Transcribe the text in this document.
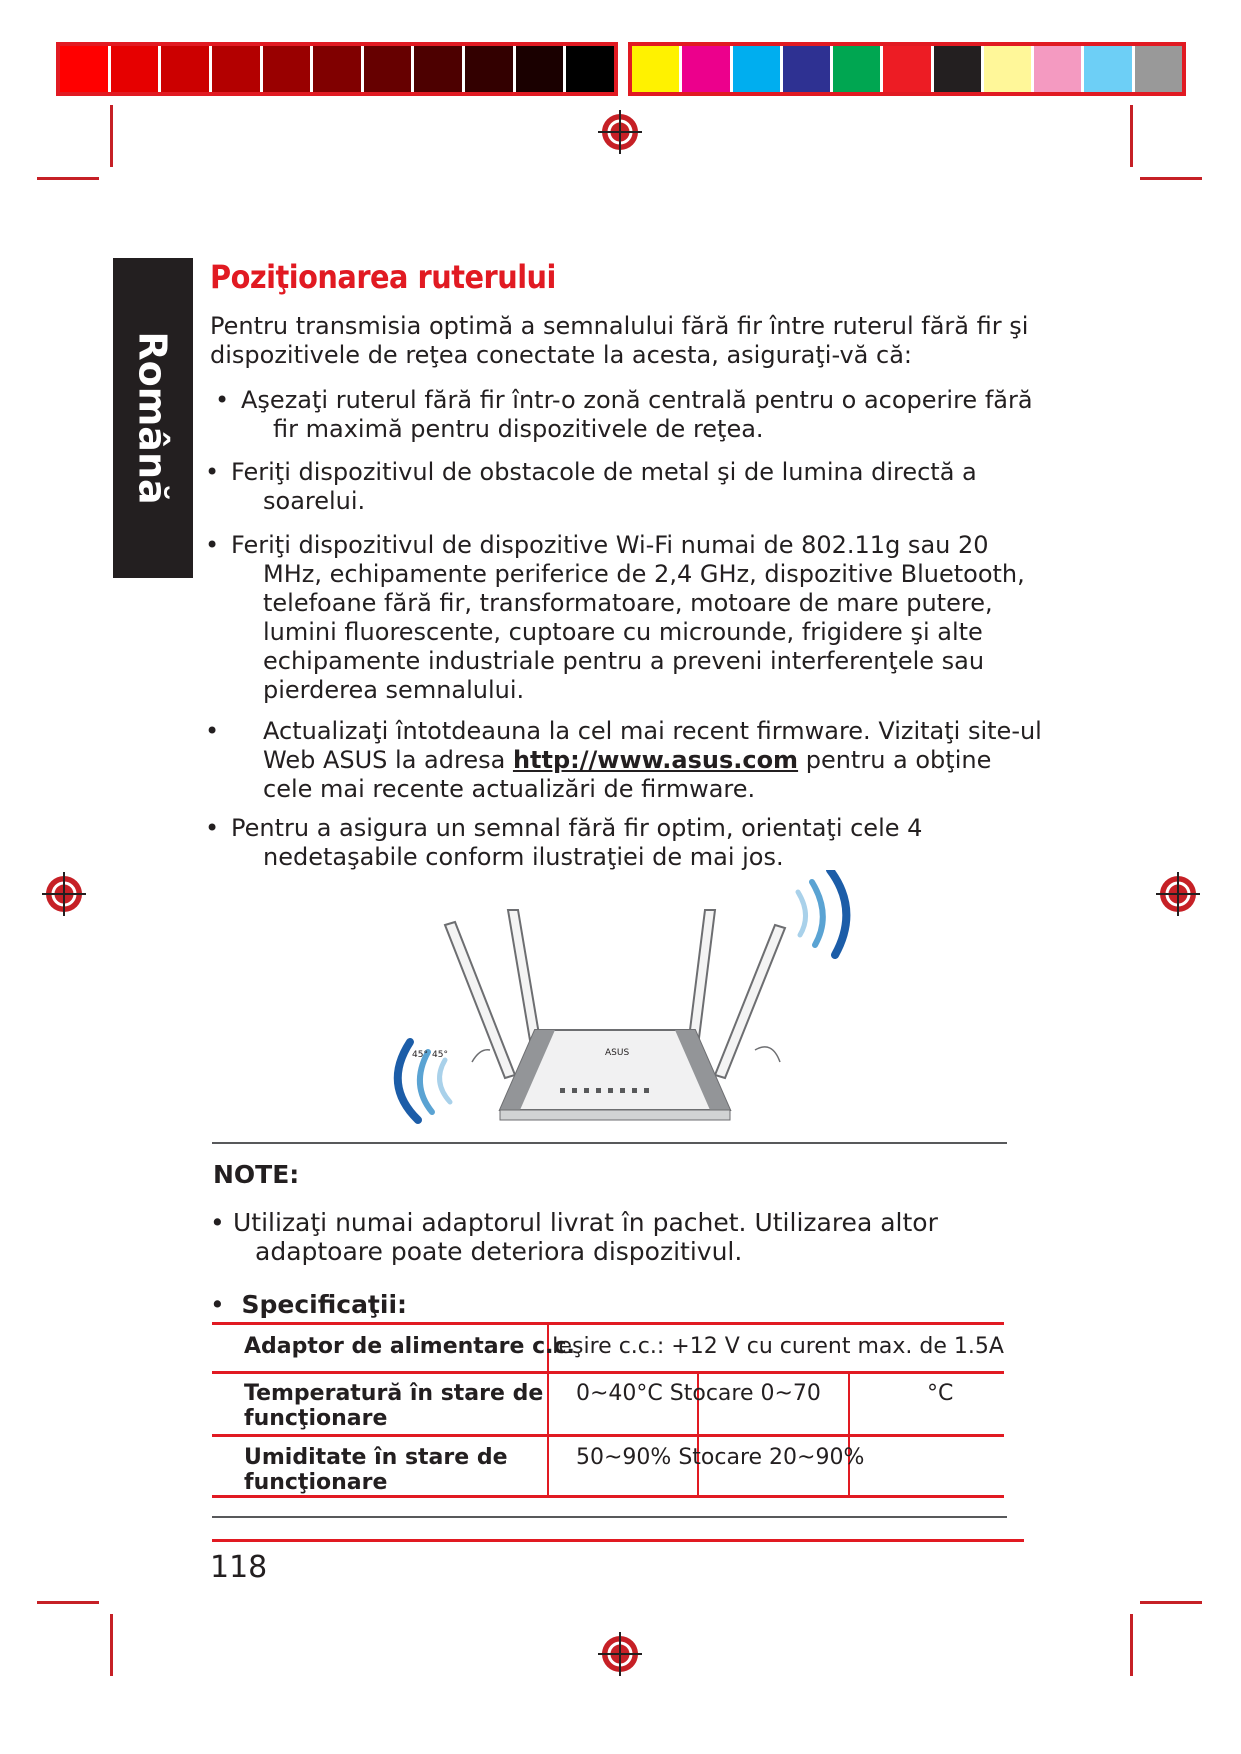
Română
Poziţionarea ruterului
Pentru transmisia optimă a semnalului fără fir între ruterul fără fir şi dispozitivele de reţea conectate la acesta, asiguraţi-vă că:
• Aşezaţi ruterul fără fir într-o zonă centrală pentru o acoperire fără fir maximă pentru dispozitivele de reţea.
• Feriţi dispozitivul de obstacole de metal şi de lumina directă a soarelui.
• Feriţi dispozitivul de dispozitive Wi-Fi numai de 802.11g sau 20 MHz, echipamente periferice de 2,4 GHz, dispozitive Bluetooth, telefoane fără fir, transformatoare, motoare de mare putere, lumini fluorescente, cuptoare cu microunde, frigidere şi alte echipamente industriale pentru a preveni interferenţele sau pierderea semnalului.
•	Actualizaţi întotdeauna la cel mai recent firmware. Vizitaţi site-ul Web ASUS la adresa http://www.asus.com pentru a obţine cele mai recente actualizări de firmware.
• Pentru a asigura un semnal fără fir optim, orientaţi cele 4 nedetaşabile conform ilustraţiei de mai jos.
ASUS
45° 45°
NOTE:
• Utilizaţi numai adaptorul livrat în pachet. Utilizarea altor adaptoare poate deteriora dispozitivul.
• Specificaţii:
Adaptor de alimentare c.c.
Ieşire c.c.: +12 V cu curent max. de 1.5A
Temperatură în stare de
funcţionare
0~40°C Stocare 0~70	°C
Umiditate în stare de
funcţionare
50~90% Stocare 20~90%
118
